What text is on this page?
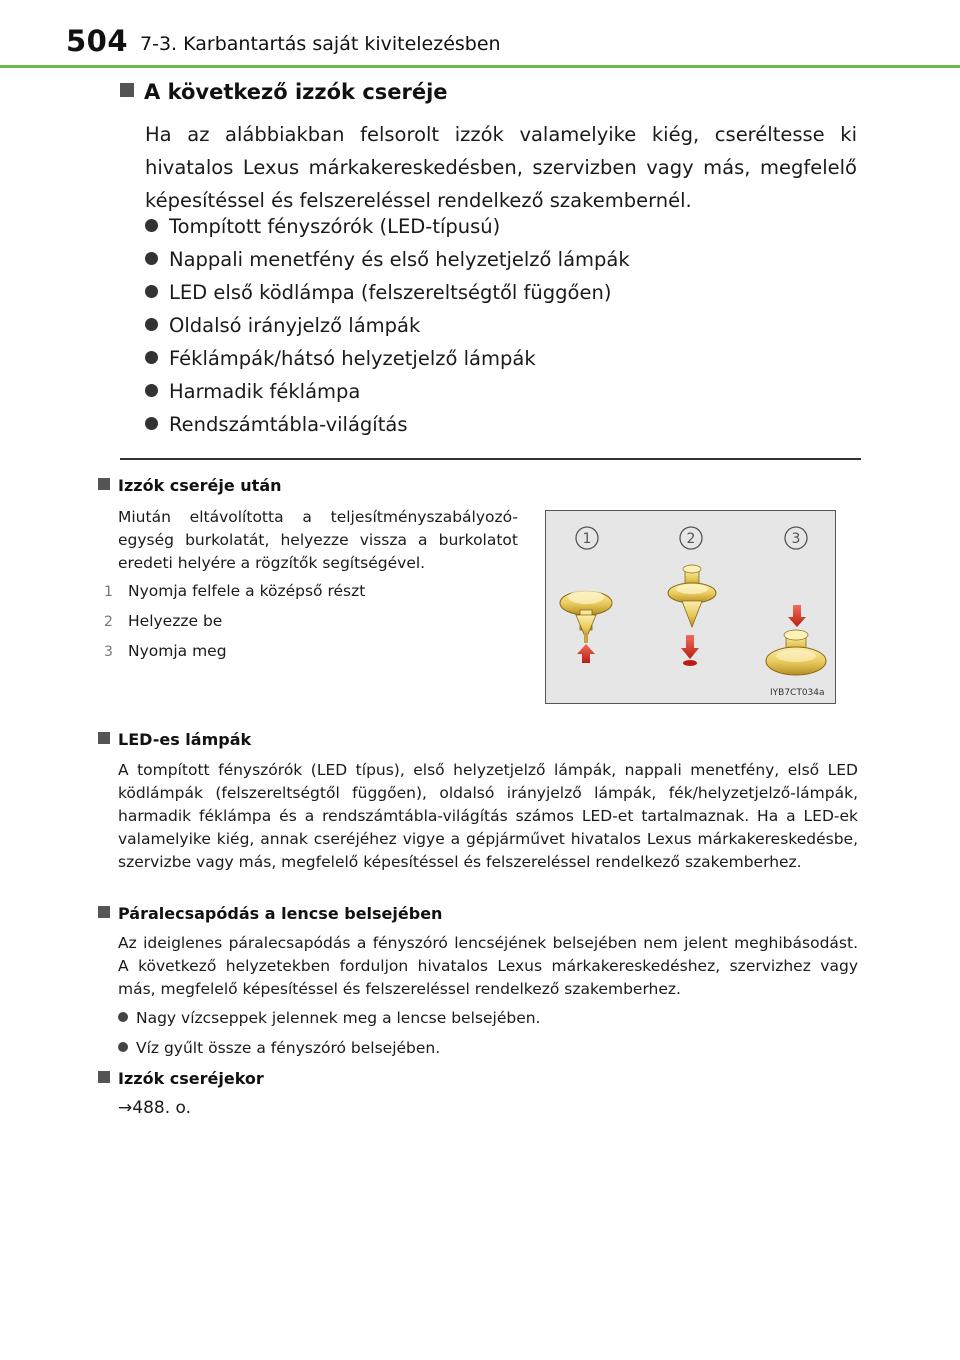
504 7-3. Karbantartás saját kivitelezésben
A következő izzók cseréje

Ha az alábbiakban felsorolt izzók valamelyike kiég, cseréltesse ki hivatalos Lexus márkakereskedésben, szervizben vagy más, megfelelő képesítéssel és felszereléssel rendelkező szakembernél.

Tompított fényszórók (LED-típusú)
Nappali menetfény és első helyzetjelző lámpák
LED első ködlámpa (felszereltségtől függően)
Oldalsó irányjelző lámpák
Féklámpák/hátsó helyzetjelző lámpák
Harmadik féklámpa
Rendszámtábla-világítás
Izzók cseréje után

Miután eltávolította a teljesítményszabályozó-egység burkolatát, helyezze vissza a burkolatot eredeti helyére a rögzítők segítségével.

1 Nyomja felfele a középső részt
2 Helyezze be
3 Nyomja meg
1	2	3
IYB7CT034a
LED-es lámpák

A tompított fényszórók (LED típus), első helyzetjelző lámpák, nappali menetfény, első LED ködlámpák (felszereltségtől függően), oldalsó irányjelző lámpák, fék/helyzetjelző-lámpák, harmadik féklámpa és a rendszámtábla-világítás számos LED-et tartalmaznak. Ha a LED-ek valamelyike kiég, annak cseréjéhez vigye a gépjárművet hivatalos Lexus márkakereskedésbe, szervizbe vagy más, megfelelő képesítéssel és felszereléssel rendelkező szakemberhez.

Páralecsapódás a lencse belsejében

Az ideiglenes páralecsapódás a fényszóró lencséjének belsejében nem jelent meghibásodást. A következő helyzetekben forduljon hivatalos Lexus márkakereskedéshez, szervizhez vagy más, megfelelő képesítéssel és felszereléssel rendelkező szakemberhez.

Nagy vízcseppek jelennek meg a lencse belsejében.
Víz gyűlt össze a fényszóró belsejében.
Izzók cseréjekor
→488. o.
